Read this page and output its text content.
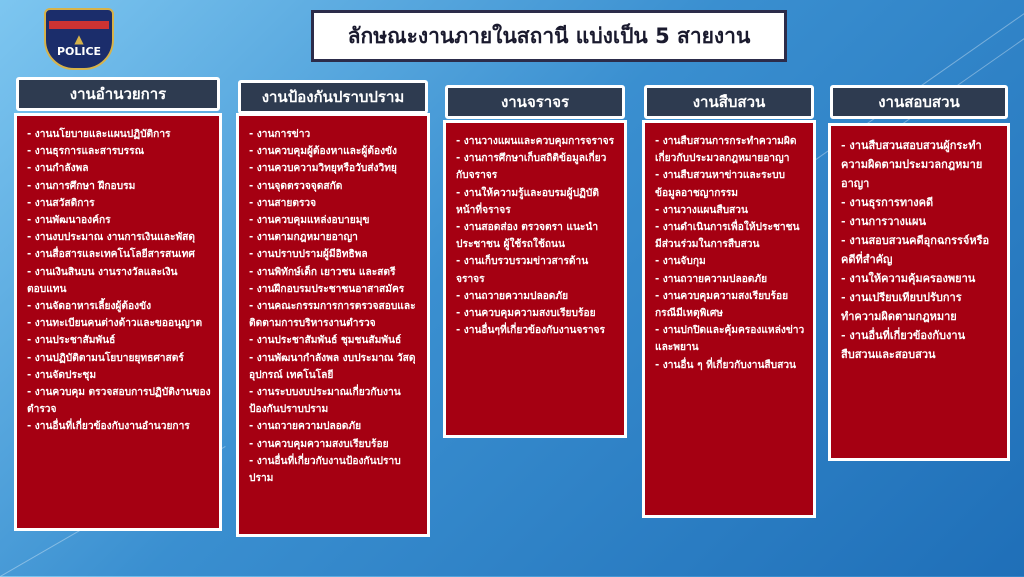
▲
POLICE
ลักษณะงานภายในสถานี แบ่งเป็น 5 สายงาน
งานอำนวยการ
- งานนโยบายและแผนปฏิบัติการ
- งานธุรการและสารบรรณ
- งานกำลังพล
- งานการศึกษา ฝึกอบรม
- งานสวัสดิการ
- งานพัฒนาองค์กร
- งานงบประมาณ งานการเงินและพัสดุ
- งานสื่อสารและเทคโนโลยีสารสนเทศ
- งานเงินสินบน งานรางวัลและเงินตอบแทน
- งานจัดอาหารเลี้ยงผู้ต้องขัง
- งานทะเบียนคนต่างด้าวและขออนุญาต
- งานประชาสัมพันธ์
- งานปฏิบัติตามนโยบายยุทธศาสตร์
- งานจัดประชุม
- งานควบคุม ตรวจสอบการปฏิบัติงานของตำรวจ
- งานอื่นที่เกี่ยวข้องกับงานอำนวยการ
งานป้องกันปราบปราม
- งานการข่าว
- งานควบคุมผู้ต้องหาและผู้ต้องขัง
- งานควบความวิทยุหรือวับส่งวิทยุ
- งานจุดตรวจจุดสกัด
- งานสายตรวจ
- งานควบคุมแหล่งอบายมุข
- งานตามกฎหมายอาญา
- งานปราบปรามผู้มีอิทธิพล
- งานพิทักษ์เด็ก เยาวชน และสตรี
- งานฝึกอบรมประชาชนอาสาสมัคร
- งานคณะกรรมการการตรวจสอบและติดตามการบริหารงานตำรวจ
- งานประชาสัมพันธ์ ชุมชนสัมพันธ์
- งานพัฒนากำลังพล งบประมาณ วัสดุ อุปกรณ์ เทคโนโลยี
- งานระบบงบประมาณเกี่ยวกับงานป้องกันปราบปราม
- งานถวายความปลอดภัย
- งานควบคุมความสงบเรียบร้อย
- งานอื่นที่เกี่ยวกับงานป้องกันปราบปราม
งานจราจร
- งานวางแผนและควบคุมการจราจร
- งานการศึกษาเก็บสถิติข้อมูลเกี่ยวกับจราจร
- งานให้ความรู้และอบรมผู้ปฏิบัติหน้าที่จราจร
- งานสอดส่อง ตรวจตรา แนะนำประชาชน ผู้ใช้รถใช้ถนน
- งานเก็บรวบรวมข่าวสารด้านจราจร
- งานถวายความปลอดภัย
- งานควบคุมความสงบเรียบร้อย
- งานอื่นๆที่เกี่ยวข้องกับงานจราจร
งานสืบสวน
- งานสืบสวนการกระทำความผิดเกี่ยวกับประมวลกฎหมายอาญา
- งานสืบสวนหาข่าวและระบบข้อมูลอาชญากรรม
- งานวางแผนสืบสวน
- งานดำเนินการเพื่อให้ประชาชนมีส่วนร่วมในการสืบสวน
- งานจับกุม
- งานถวายความปลอดภัย
- งานควบคุมความสงเรียบร้อยกรณีมีเหตุพิเศษ
- งานปกปิดและคุ้มครองแหล่งข่าวและพยาน
- งานอื่น ๆ ที่เกี่ยวกับงานสืบสวน
งานสอบสวน
- งานสืบสวนสอบสวนผู้กระทำความผิดตามประมวลกฎหมายอาญา
- งานธุรการทางคดี
- งานการวางแผน
- งานสอบสวนคดีอุกฉกรรจ์หรือคดีที่สำคัญ
- งานให้ความคุ้มครองพยาน
- งานเปรียบเทียบปรับการทำความผิดตามกฎหมาย
- งานอื่นที่เกี่ยวข้องกับงานสืบสวนและสอบสวน
